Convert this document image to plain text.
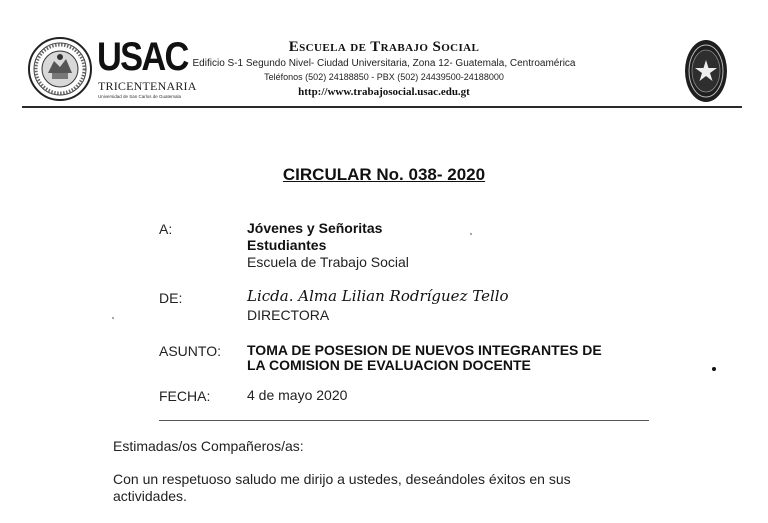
USAC
TRICENTENARIA
Universidad de San Carlos de Guatemala
Escuela de Trabajo Social
Edificio S-1 Segundo Nivel- Ciudad Universitaria, Zona 12- Guatemala, Centroamérica
Teléfonos (502) 24188850 - PBX (502) 24439500-24188000
http://www.trabajosocial.usac.edu.gt
CIRCULAR No. 038- 2020
A:	Jóvenes y Señoritas
Estudiantes
Escuela de Trabajo Social
DE:	Licda. Alma Lilian Rodríguez Tello
DIRECTORA
ASUNTO: TOMA DE POSESION DE NUEVOS INTEGRANTES DE
LA COMISION DE EVALUACION DOCENTE
FECHA:	4 de mayo 2020
Estimadas/os Compañeros/as:
Con un respetuoso saludo me dirijo a ustedes, deseándoles éxitos en sus
actividades.
